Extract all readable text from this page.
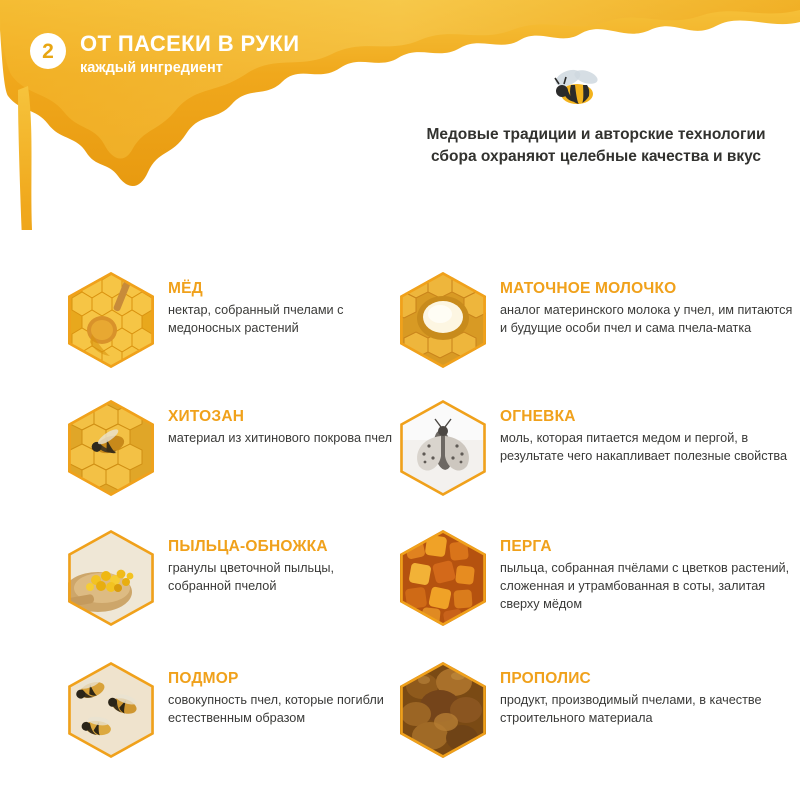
2	ОТ ПАСЕКИ В РУКИ
каждый ингредиент
Медовые традиции и авторские технологии сбора охраняют целебные качества и вкус

МЁД

нектар, собранный пчелами с медоносных растений

МАТОЧНОЕ МОЛОЧКО

аналог материнского молока у пчел, им питаются и будущие особи пчел и сама пчела-матка

ХИТОЗАН

материал из хитинового покрова пчел

ОГНЕВКА

моль, которая питается медом и пергой, в результате чего накапливает полезные свойства

ПЫЛЬЦА-ОБНОЖКА

гранулы цветочной пыльцы, собранной пчелой

ПЕРГА

пыльца, собранная пчёлами с цветков растений, сложенная и утрамбованная в соты, залитая сверху мёдом

ПОДМОР

совокупность пчел, которые погибли естественным образом

ПРОПОЛИС

продукт, производимый пчелами, в качестве строительного материала
